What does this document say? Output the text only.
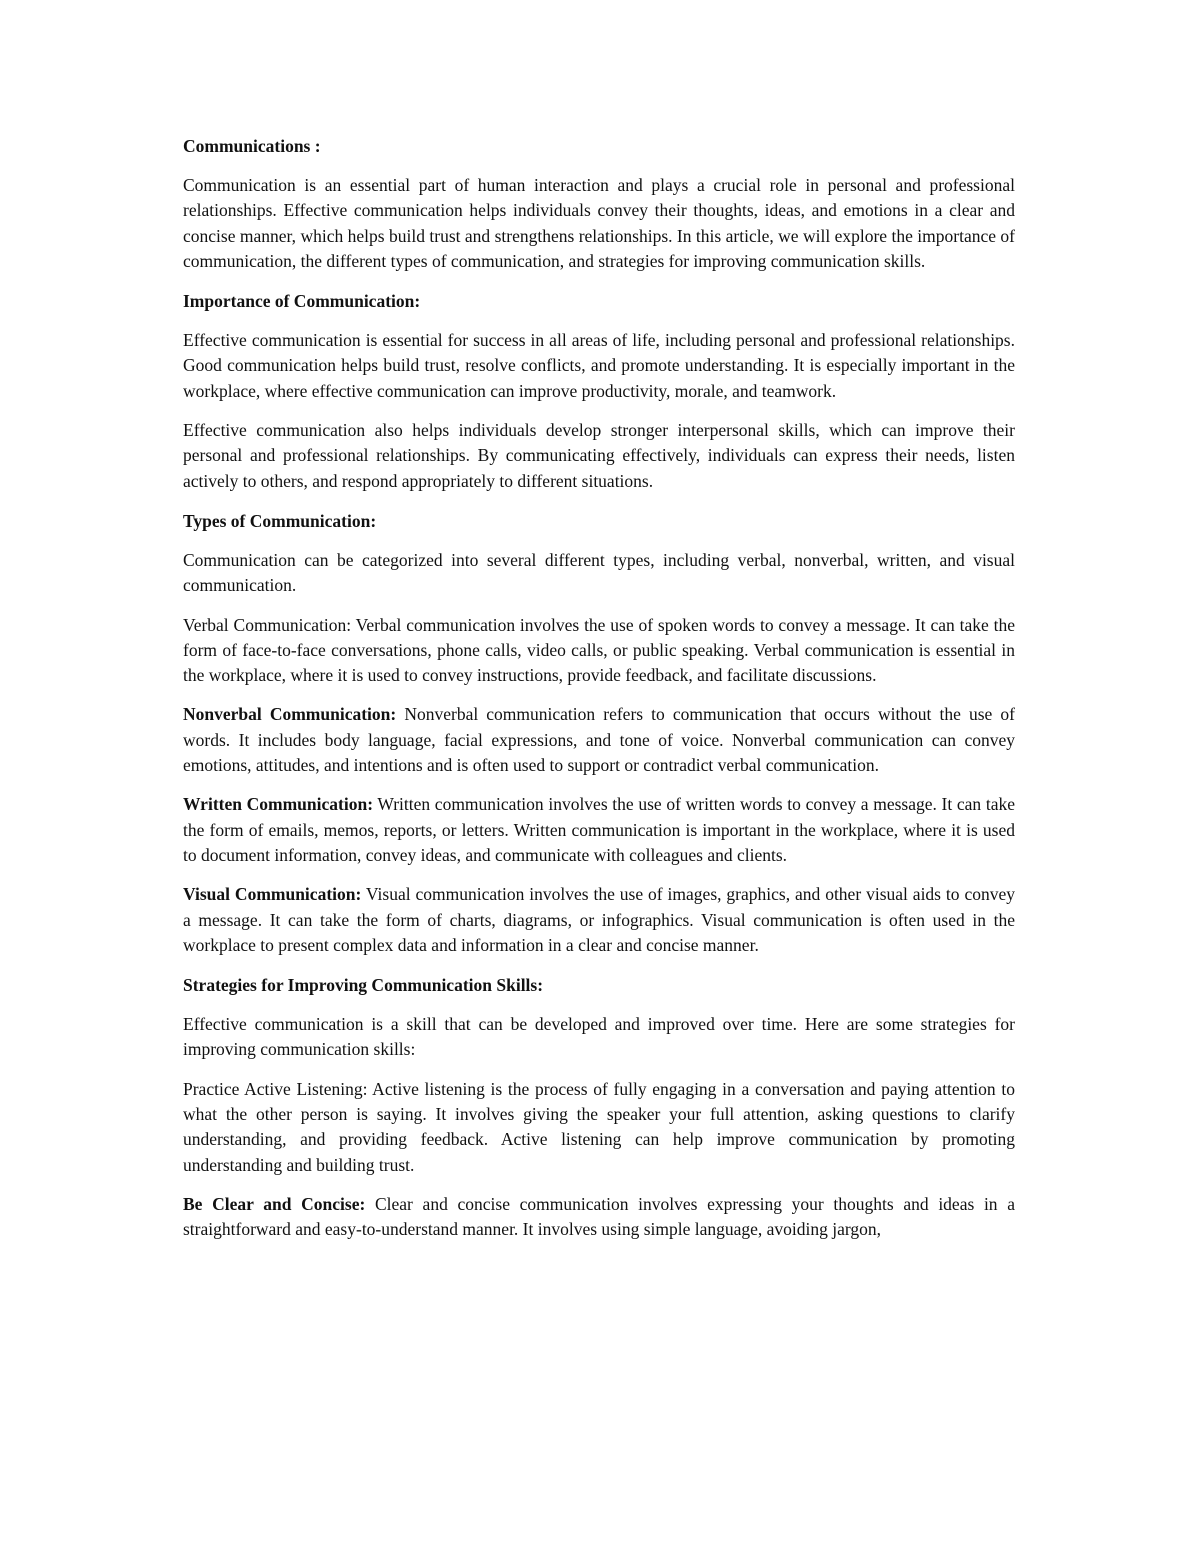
Communications :

Communication is an essential part of human interaction and plays a crucial role in personal and professional relationships. Effective communication helps individuals convey their thoughts, ideas, and emotions in a clear and concise manner, which helps build trust and strengthens relationships. In this article, we will explore the importance of communication, the different types of communication, and strategies for improving communication skills.

Importance of Communication:

Effective communication is essential for success in all areas of life, including personal and professional relationships. Good communication helps build trust, resolve conflicts, and promote understanding. It is especially important in the workplace, where effective communication can improve productivity, morale, and teamwork.

Effective communication also helps individuals develop stronger interpersonal skills, which can improve their personal and professional relationships. By communicating effectively, individuals can express their needs, listen actively to others, and respond appropriately to different situations.

Types of Communication:

Communication can be categorized into several different types, including verbal, nonverbal, written, and visual communication.

Verbal Communication: Verbal communication involves the use of spoken words to convey a message. It can take the form of face-to-face conversations, phone calls, video calls, or public speaking. Verbal communication is essential in the workplace, where it is used to convey instructions, provide feedback, and facilitate discussions.

Nonverbal Communication: Nonverbal communication refers to communication that occurs without the use of words. It includes body language, facial expressions, and tone of voice. Nonverbal communication can convey emotions, attitudes, and intentions and is often used to support or contradict verbal communication.

Written Communication: Written communication involves the use of written words to convey a message. It can take the form of emails, memos, reports, or letters. Written communication is important in the workplace, where it is used to document information, convey ideas, and communicate with colleagues and clients.

Visual Communication: Visual communication involves the use of images, graphics, and other visual aids to convey a message. It can take the form of charts, diagrams, or infographics. Visual communication is often used in the workplace to present complex data and information in a clear and concise manner.

Strategies for Improving Communication Skills:

Effective communication is a skill that can be developed and improved over time. Here are some strategies for improving communication skills:

Practice Active Listening: Active listening is the process of fully engaging in a conversation and paying attention to what the other person is saying. It involves giving the speaker your full attention, asking questions to clarify understanding, and providing feedback. Active listening can help improve communication by promoting understanding and building trust.

Be Clear and Concise: Clear and concise communication involves expressing your thoughts and ideas in a straightforward and easy-to-understand manner. It involves using simple language, avoiding jargon,
